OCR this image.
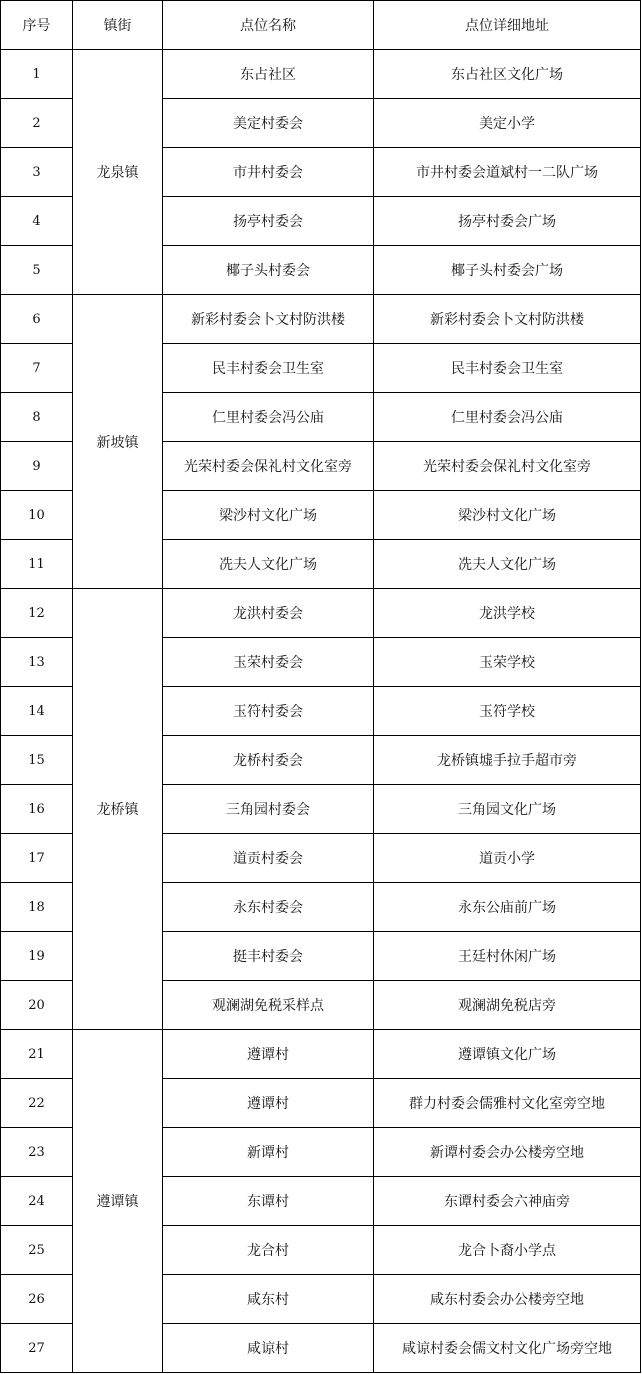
序号	镇街	点位名称	点位详细地址
1	龙泉镇	东占社区	东占社区文化广场
2		美定村委会	美定小学
3		市井村委会	市井村委会道斌村一二队广场
4		扬亭村委会	扬亭村委会广场
5		椰子头村委会	椰子头村委会广场
6	新坡镇	新彩村委会卜文村防洪楼	新彩村委会卜文村防洪楼
7		民丰村委会卫生室	民丰村委会卫生室
8		仁里村委会冯公庙	仁里村委会冯公庙
9		光荣村委会保礼村文化室旁	光荣村委会保礼村文化室旁
10		梁沙村文化广场	梁沙村文化广场
11		冼夫人文化广场	冼夫人文化广场
12	龙桥镇	龙洪村委会	龙洪学校
13		玉荣村委会	玉荣学校
14		玉符村委会	玉符学校
15		龙桥村委会	龙桥镇墟手拉手超市旁
16		三角园村委会	三角园文化广场
17		道贡村委会	道贡小学
18		永东村委会	永东公庙前广场
19		挺丰村委会	王廷村休闲广场
20		观澜湖免税采样点	观澜湖免税店旁
21	遵谭镇	遵谭村	遵谭镇文化广场
22		遵谭村	群力村委会儒雅村文化室旁空地
23		新谭村	新谭村委会办公楼旁空地
24		东谭村	东谭村委会六神庙旁
25		龙合村	龙合卜裔小学点
26		咸东村	咸东村委会办公楼旁空地
27		咸谅村	咸谅村委会儒文村文化广场旁空地
